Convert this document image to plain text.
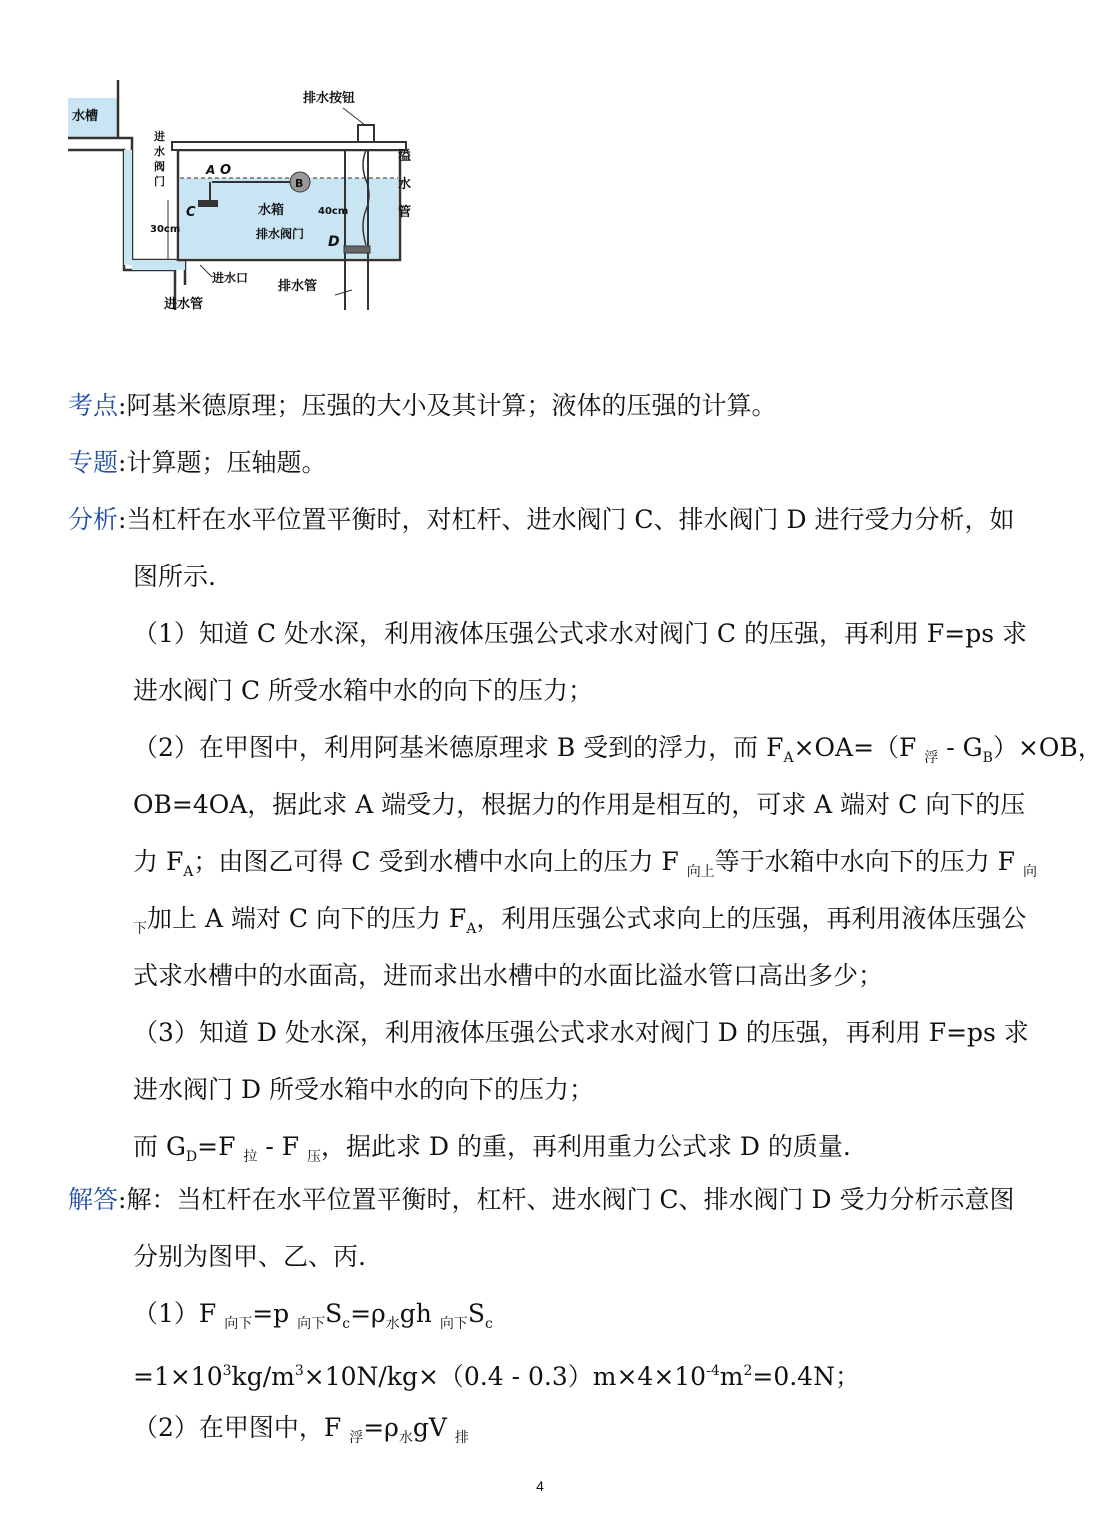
水槽
排水按钮
溢
水
管
B
A O
C
进
水
阀
门
30cm
水箱	40cm
排水阀门 D
进水口
排水管
进水管
考点:阿基米德原理；压强的大小及其计算；液体的压强的计算。
专题:计算题；压轴题。
分析:当杠杆在水平位置平衡时，对杠杆、进水阀门 C、排水阀门 D 进行受力分析，如
图所示.
（1）知道 C 处水深，利用液体压强公式求水对阀门 C 的压强，再利用 F=ps 求
进水阀门 C 所受水箱中水的向下的压力；
（2）在甲图中，利用阿基米德原理求 B 受到的浮力，而 $F_A\times OA=(F$ $_浮 - G_B)\times OB$，
OB=4OA，据此求 A 端受力，根据力的作用是相互的，可求 A 端对 C 向下的压
力 $F_A$；由图乙可得 C 受到水槽中水向上的压力 F $_{向上}$等于水箱中水向下的压力 F $_向$
$_下$加上 A 端对 C 向下的压力 $F_A$，利用压强公式求向上的压强，再利用液体压强公
式求水槽中的水面高，进而求出水槽中的水面比溢水管口高出多少；
（3）知道 D 处水深，利用液体压强公式求水对阀门 D 的压强，再利用 F=ps 求
进水阀门 D 所受水箱中水的向下的压力；
而 $G_D=F$ $_拉$ - F $_压$，据此求 D 的重，再利用重力公式求 D 的质量.
解答:解：当杠杆在水平位置平衡时，杠杆、进水阀门 C、排水阀门 D 受力分析示意图
分别为图甲、乙、丙.
（1）F $_{向下}$=p $_{向下}S_c=\rho_水gh$ $_{向下}S_c$
$=1\times 10^3kg/m^3\times 10N/kg\times(0.4 - 0.3)m\times 4\times 10^{-4}m^2=0.4N$；
（2）在甲图中，F $_浮=\rho_水gV$ $_排$
4
